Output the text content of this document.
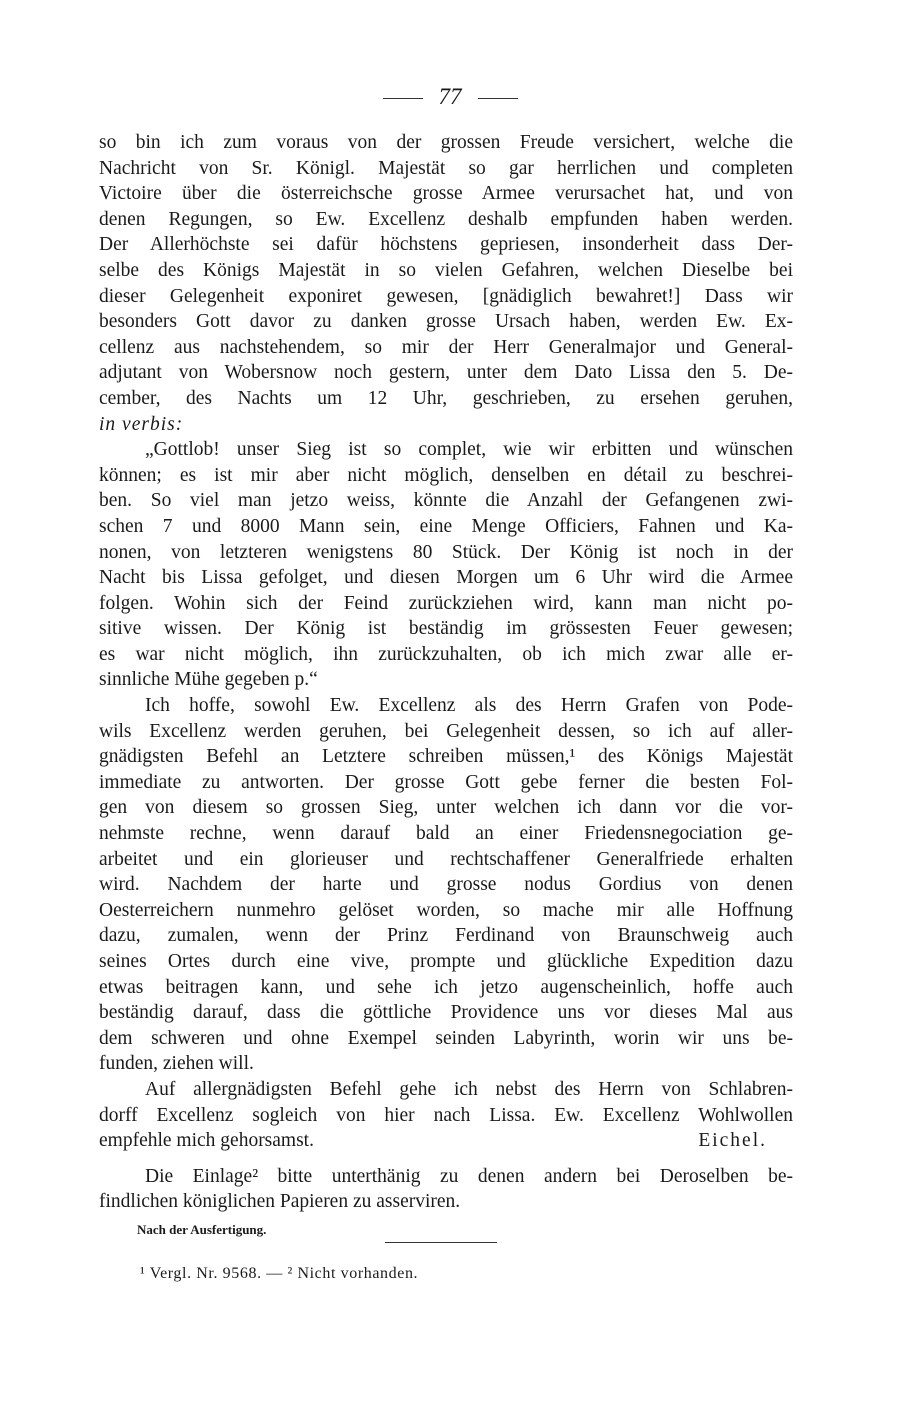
77
so bin ich zum voraus von der grossen Freude versichert, welche die
Nachricht von Sr. Königl. Majestät so gar herrlichen und completen
Victoire über die österreichsche grosse Armee verursachet hat, und von
denen Regungen, so Ew. Excellenz deshalb empfunden haben werden.
Der Allerhöchste sei dafür höchstens gepriesen, insonderheit dass Der-
selbe des Königs Majestät in so vielen Gefahren, welchen Dieselbe bei
dieser Gelegenheit exponiret gewesen, [gnädiglich bewahret!] Dass wir
besonders Gott davor zu danken grosse Ursach haben, werden Ew. Ex-
cellenz aus nachstehendem, so mir der Herr Generalmajor und General-
adjutant von Wobersnow noch gestern, unter dem Dato Lissa den 5. De-
cember, des Nachts um 12 Uhr, geschrieben, zu ersehen geruhen,
in verbis:
„Gottlob! unser Sieg ist so complet, wie wir erbitten und wünschen
können; es ist mir aber nicht möglich, denselben en détail zu beschrei-
ben. So viel man jetzo weiss, könnte die Anzahl der Gefangenen zwi-
schen 7 und 8000 Mann sein, eine Menge Officiers, Fahnen und Ka-
nonen, von letzteren wenigstens 80 Stück. Der König ist noch in der
Nacht bis Lissa gefolget, und diesen Morgen um 6 Uhr wird die Armee
folgen. Wohin sich der Feind zurückziehen wird, kann man nicht po-
sitive wissen. Der König ist beständig im grössesten Feuer gewesen;
es war nicht möglich, ihn zurückzuhalten, ob ich mich zwar alle er-
sinnliche Mühe gegeben p.“
Ich hoffe, sowohl Ew. Excellenz als des Herrn Grafen von Pode-
wils Excellenz werden geruhen, bei Gelegenheit dessen, so ich auf aller-
gnädigsten Befehl an Letztere schreiben müssen,¹ des Königs Majestät
immediate zu antworten. Der grosse Gott gebe ferner die besten Fol-
gen von diesem so grossen Sieg, unter welchen ich dann vor die vor-
nehmste rechne, wenn darauf bald an einer Friedensnegociation ge-
arbeitet und ein glorieuser und rechtschaffener Generalfriede erhalten
wird. Nachdem der harte und grosse nodus Gordius von denen
Oesterreichern nunmehro gelöset worden, so mache mir alle Hoffnung
dazu, zumalen, wenn der Prinz Ferdinand von Braunschweig auch
seines Ortes durch eine vive, prompte und glückliche Expedition dazu
etwas beitragen kann, und sehe ich jetzo augenscheinlich, hoffe auch
beständig darauf, dass die göttliche Providence uns vor dieses Mal aus
dem schweren und ohne Exempel seinden Labyrinth, worin wir uns be-
funden, ziehen will.
Auf allergnädigsten Befehl gehe ich nebst des Herrn von Schlabren-
dorff Excellenz sogleich von hier nach Lissa. Ew. Excellenz Wohlwollen
empfehle mich gehorsamst.	Eichel.
Die Einlage² bitte unterthänig zu denen andern bei Deroselben be-
findlichen königlichen Papieren zu asserviren.
Nach der Ausfertigung.
¹ Vergl. Nr. 9568. — ² Nicht vorhanden.
